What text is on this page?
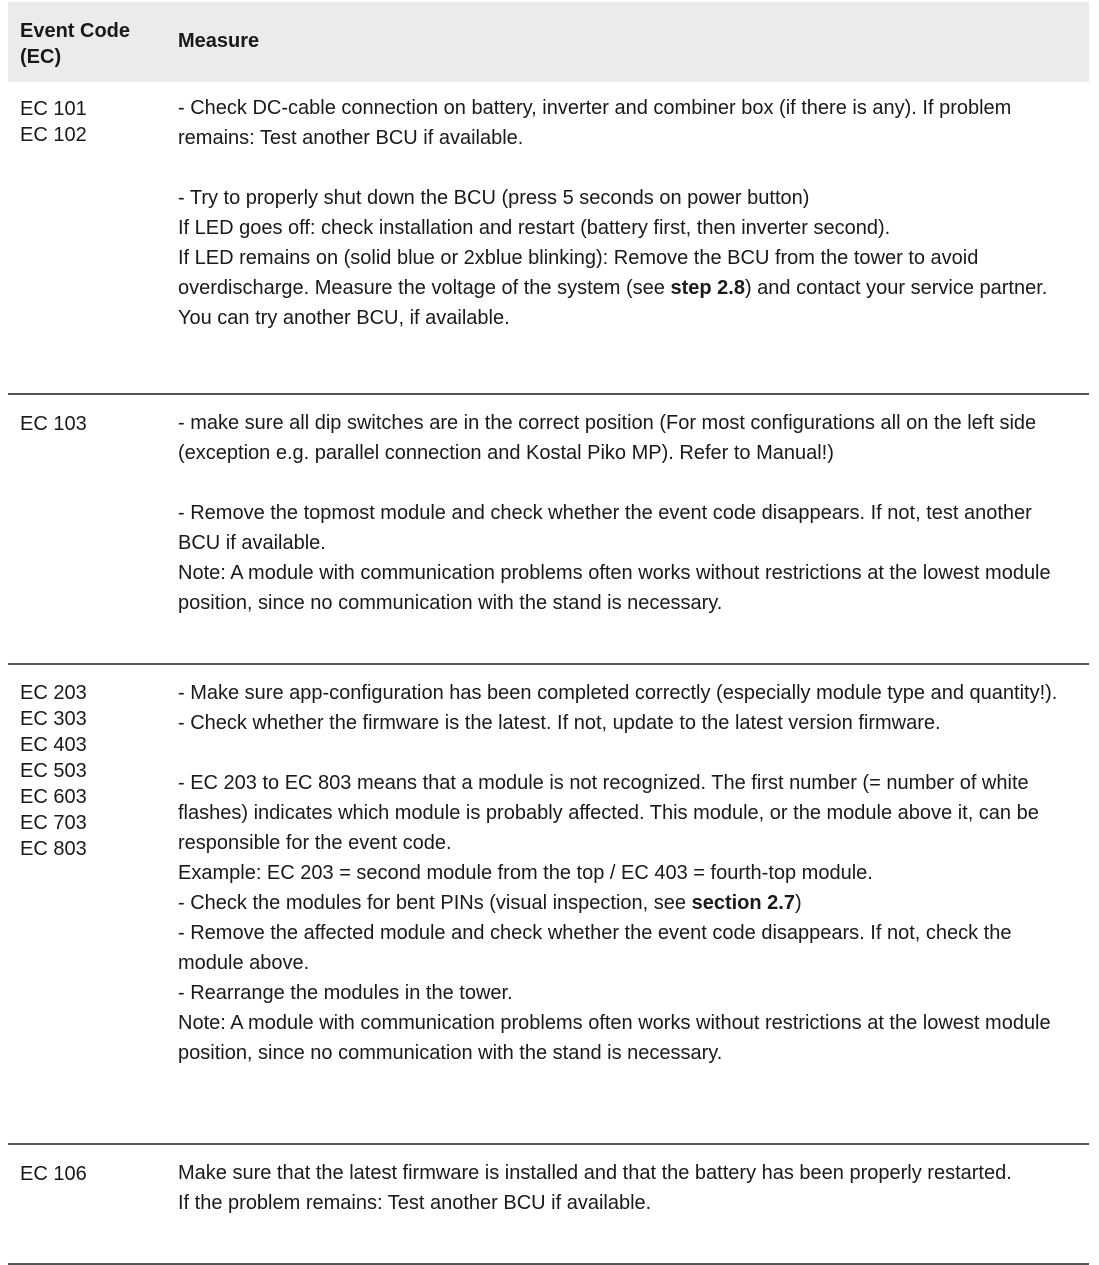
Event Code
(EC)
Measure
EC 101
EC 102
- Check DC-cable connection on battery, inverter and combiner box (if there is any). If problem remains: Test another BCU if available.
- Try to properly shut down the BCU (press 5 seconds on power button)
If LED goes off: check installation and restart (battery first, then inverter second).
If LED remains on (solid blue or 2xblue blinking): Remove the BCU from the tower to avoid overdischarge. Measure the voltage of the system (see step 2.8) and contact your service partner. You can try another BCU, if available.
EC 103	- make sure all dip switches are in the correct position (For most configurations all on the left side (exception e.g. parallel connection and Kostal Piko MP). Refer to Manual!)
- Remove the topmost module and check whether the event code disappears. If not, test another BCU if available.
Note: A module with communication problems often works without restrictions at the lowest module position, since no communication with the stand is necessary.
EC 203
EC 303
EC 403
EC 503
EC 603
EC 703
EC 803
- Make sure app-configuration has been completed correctly (especially module type and quantity!).
- Check whether the firmware is the latest. If not, update to the latest version firmware.
- EC 203 to EC 803 means that a module is not recognized. The first number (= number of white flashes) indicates which module is probably affected. This module, or the module above it, can be responsible for the event code.
Example: EC 203 = second module from the top / EC 403 = fourth-top module.
- Check the modules for bent PINs (visual inspection, see section 2.7)
- Remove the affected module and check whether the event code disappears. If not, check the module above.
- Rearrange the modules in the tower.
Note: A module with communication problems often works without restrictions at the lowest module position, since no communication with the stand is necessary.
EC 106	Make sure that the latest firmware is installed and that the battery has been properly restarted.
If the problem remains: Test another BCU if available.
